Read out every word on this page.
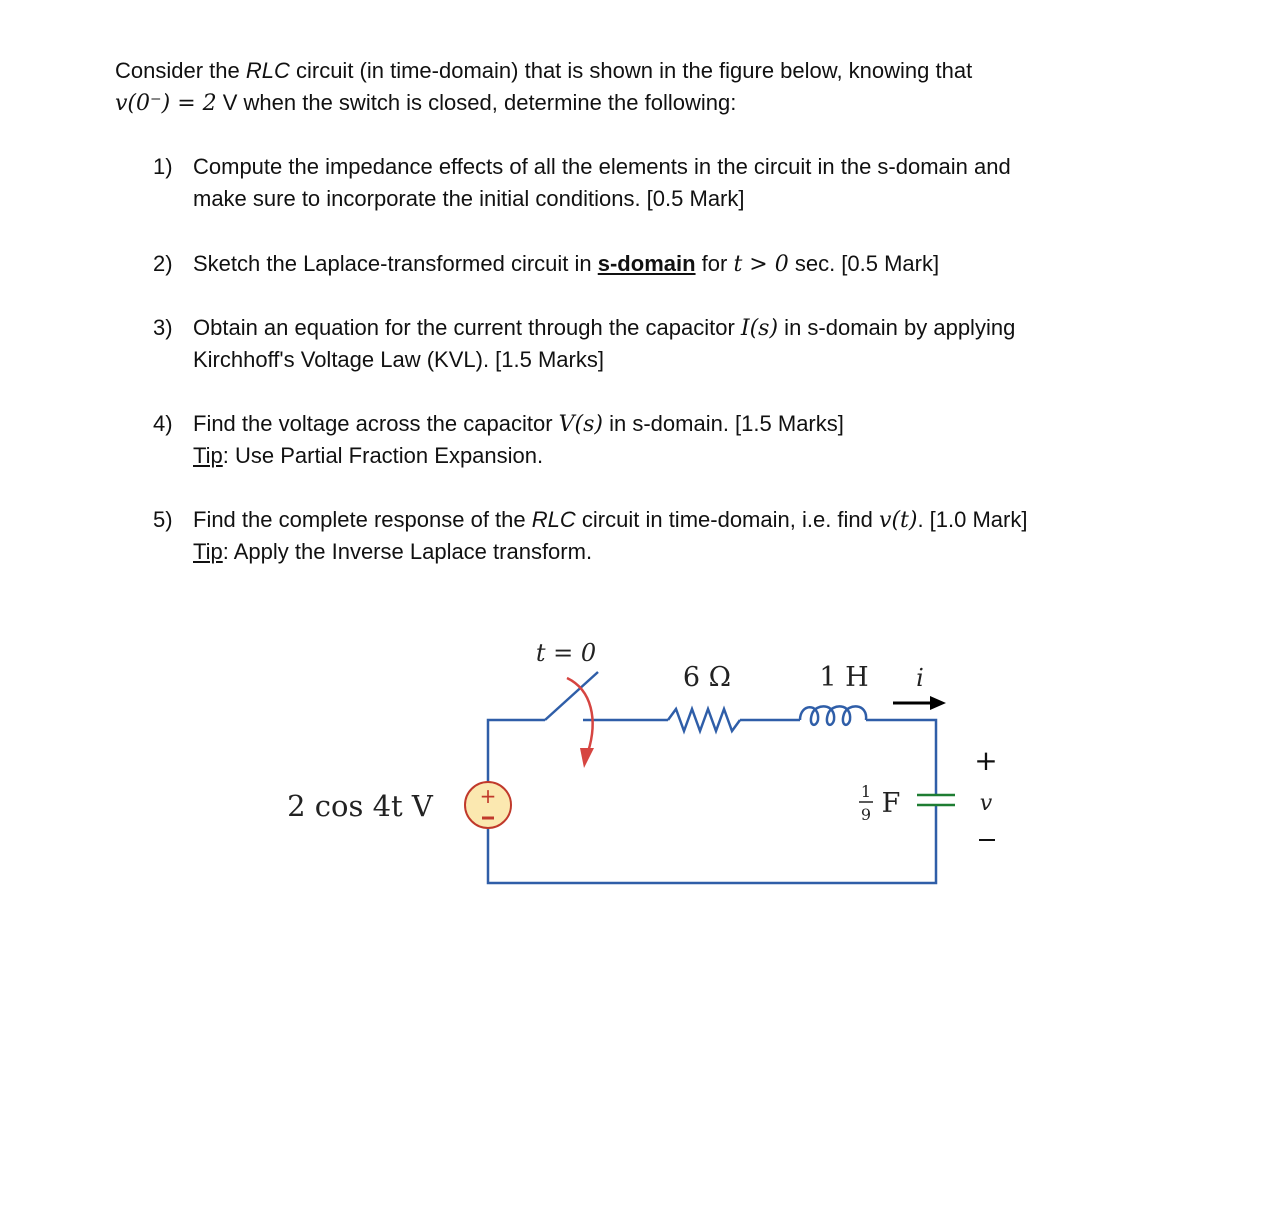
Consider the RLC circuit (in time-domain) that is shown in the figure below, knowing that
v(0⁻) = 2 V when the switch is closed, determine the following:
1) Compute the impedance effects of all the elements in the circuit in the s-domain and
make sure to incorporate the initial conditions. [0.5 Mark]
2) Sketch the Laplace-transformed circuit in s-domain for t > 0 sec. [0.5 Mark]
3) Obtain an equation for the current through the capacitor I(s) in s-domain by applying
Kirchhoff's Voltage Law (KVL). [1.5 Marks]
4) Find the voltage across the capacitor V(s) in s-domain. [1.5 Marks]
Tip: Use Partial Fraction Expansion.
5) Find the complete response of the RLC circuit in time-domain, i.e. find v(t). [1.0 Mark]
Tip: Apply the Inverse Laplace transform.
+
t = 0
6 Ω	1 H i
2 cos 4t V	1
9 F
+
v
